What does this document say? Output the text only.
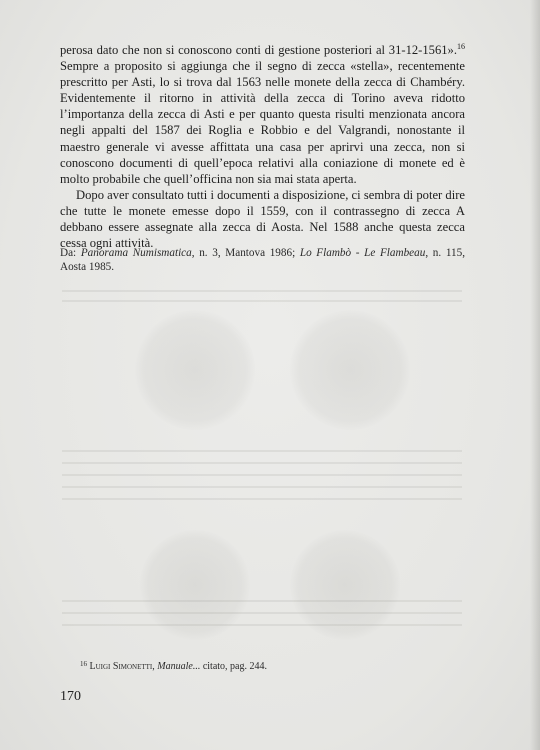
perosa dato che non si conoscono conti di gestione posteriori al 31-12-1561».$^{16}$ Sempre a proposito si aggiunga che il segno di zecca «stella», recentemente prescritto per Asti, lo si trova dal 1563 nelle monete della zecca di Chambéry. Evidentemente il ritorno in attività della zecca di Torino aveva ridotto l’importanza della zecca di Asti e per quanto questa risulti menzionata ancora negli appalti del 1587 dei Roglia e Robbio e del Valgrandi, nonostante il maestro generale vi avesse affittata una casa per aprirvi una zecca, non si conoscono documenti di quell’epoca relativi alla coniazione di monete ed è molto probabile che quell’officina non sia mai stata aperta.

Dopo aver consultato tutti i documenti a disposizione, ci sembra di poter dire che tutte le monete emesse dopo il 1559, con il contrassegno di zecca A debbano essere assegnate alla zecca di Aosta. Nel 1588 anche questa zecca cessa ogni attività.

Da: Panorama Numismatica, n. 3, Mantova 1986; Lo Flambò - Le Flambeau, n. 115, Aosta 1985.
$^{16}$ Luigi Simonetti, Manuale... citato, pag. 244.
170
